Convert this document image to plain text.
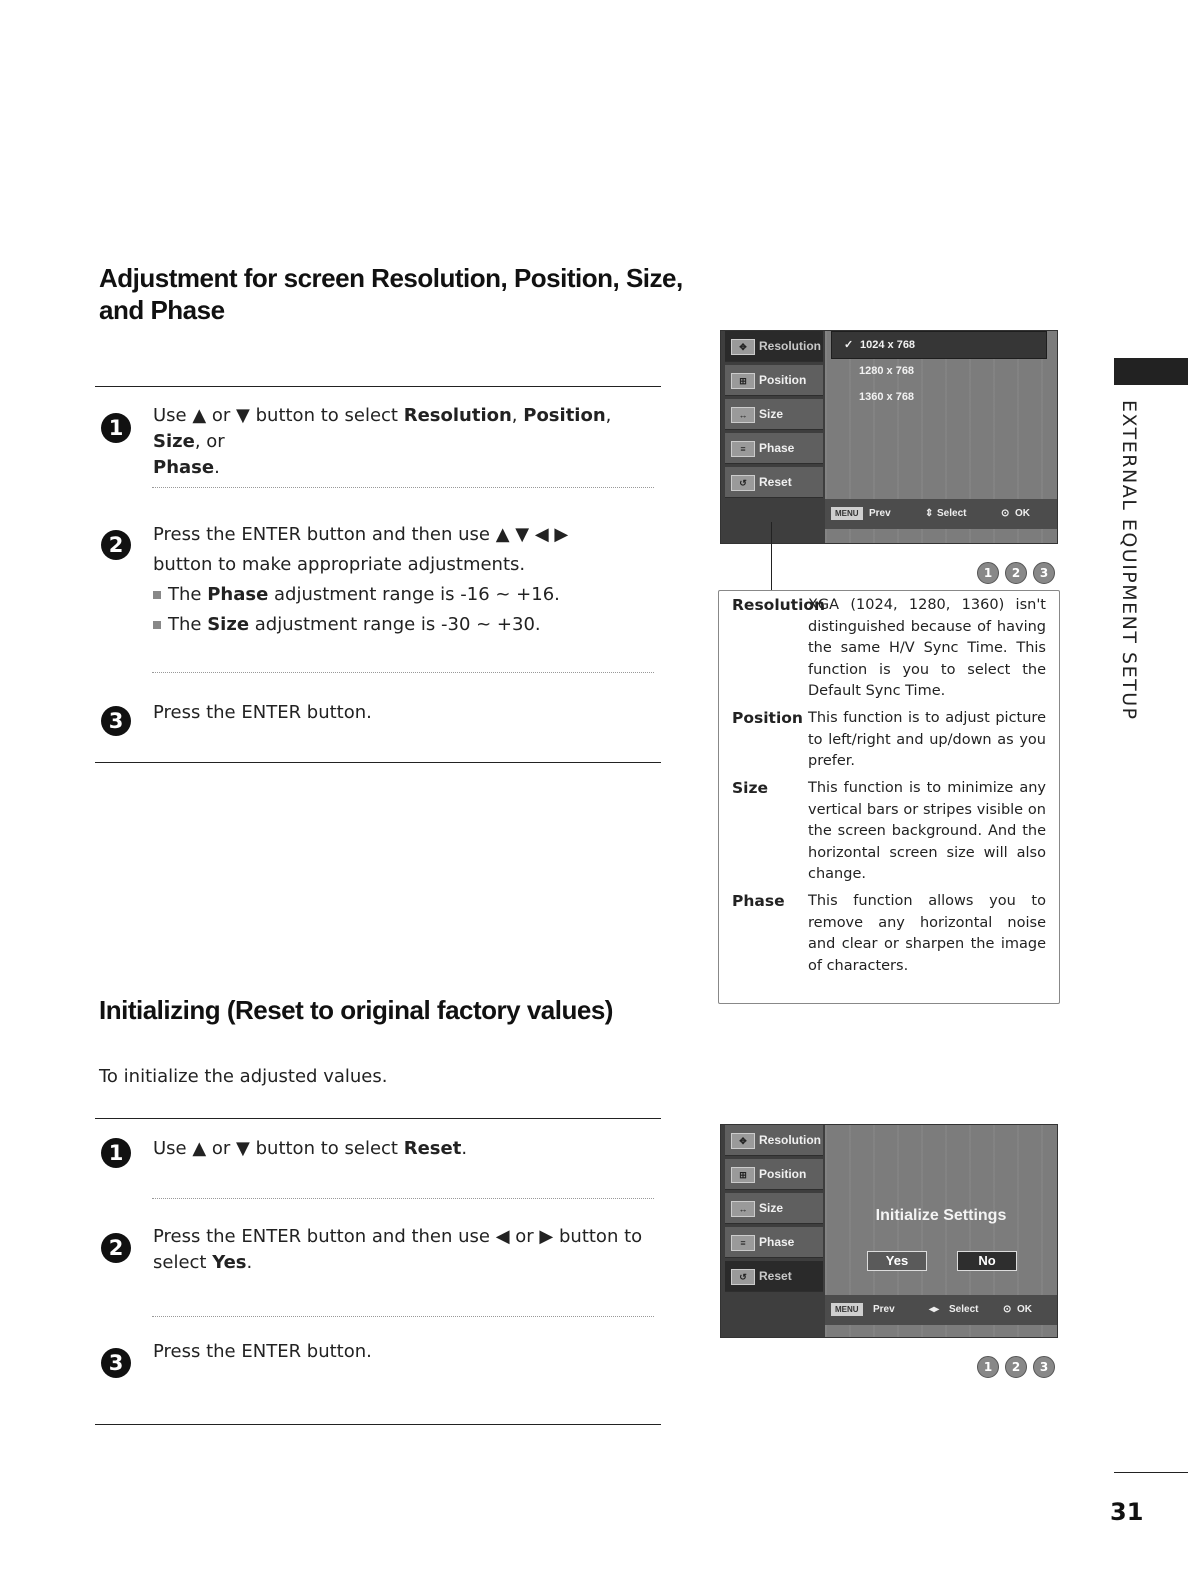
Adjustment for screen Resolution, Position, Size,
and Phase
1
Use ▲ or ▼ button to select Resolution, Position, Size, or
Phase.
2	Press the ENTER button and then use ▲ ▼ ◀ ▶
button to make appropriate adjustments.
The Phase adjustment range is -16 ~ +16.
The Size adjustment range is -30 ~ +30.
3	Press the ENTER button.
✥	Resolution
⊞	Position
↔ Size
≡	Phase
↺	Reset
✓ 1024 x 768
1280 x 768
1360 x 768
MENU	Prev	⇕ Select	⊙ OK
1	2	3
Resolution
XGA (1024, 1280, 1360) isn't distinguished because of having the same H/V Sync Time. This function is you to select the Default Sync Time.
Position This function is to adjust picture to left/right and up/down as you prefer.
Size	This function is to minimize any vertical bars or stripes visible on the screen background. And the horizontal screen size will also change.
Phase This function allows you to remove any horizontal noise and clear or sharpen the image of characters.
Initializing (Reset to original factory values)
To initialize the adjusted values.
1	Use ▲ or ▼ button to select Reset.
2	Press the ENTER button and then use ◀ or ▶ button to
select Yes.
3	Press the ENTER button.
✥	Resolution
⊞	Position
↔ Size
≡	Phase
↺	Reset
Initialize Settings
Yes	No
MENU	Prev	◂▸ Select ⊙ OK
1	2	3
EXTERNAL EQUIPMENT SETUP
31
